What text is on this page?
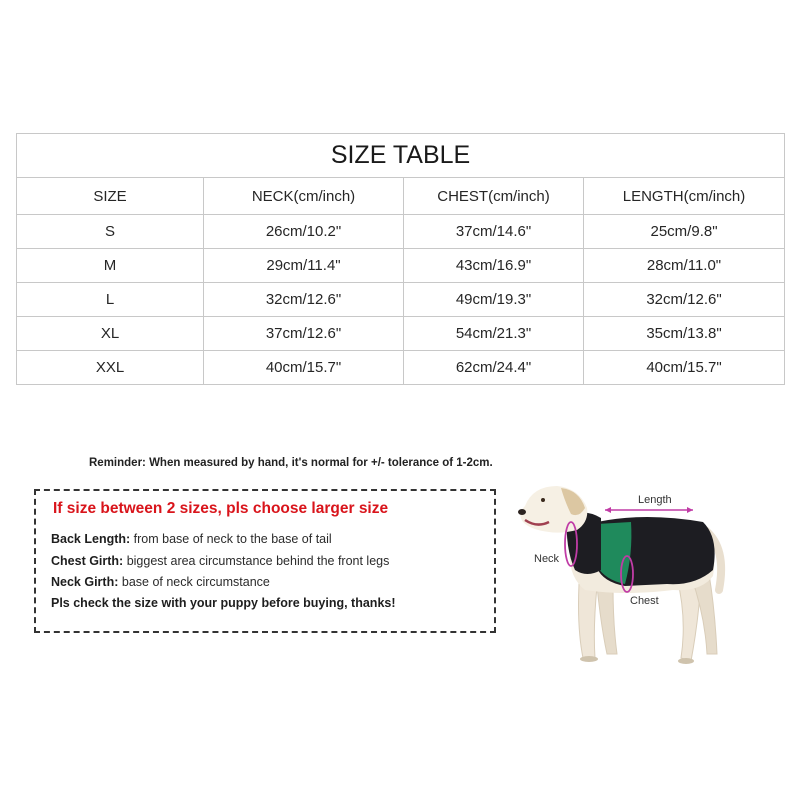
SIZE TABLE			
SIZE	NECK(cm/inch)	CHEST(cm/inch)	LENGTH(cm/inch)
S	26cm/10.2"	37cm/14.6"	25cm/9.8"
M	29cm/11.4"	43cm/16.9"	28cm/11.0"
L	32cm/12.6"	49cm/19.3"	32cm/12.6"
XL	37cm/12.6"	54cm/21.3"	35cm/13.8"
XXL	40cm/15.7"	62cm/24.4"	40cm/15.7"
Reminder: When measured by hand, it's normal for +/- tolerance of 1-2cm.
If size between 2 sizes, pls choose larger size
Back Length: from base of neck to the base of tail
Chest Girth: biggest area circumstance behind the front legs
Neck Girth: base of neck circumstance
Pls check the size with your puppy before buying, thanks!
Length
Neck
Chest
